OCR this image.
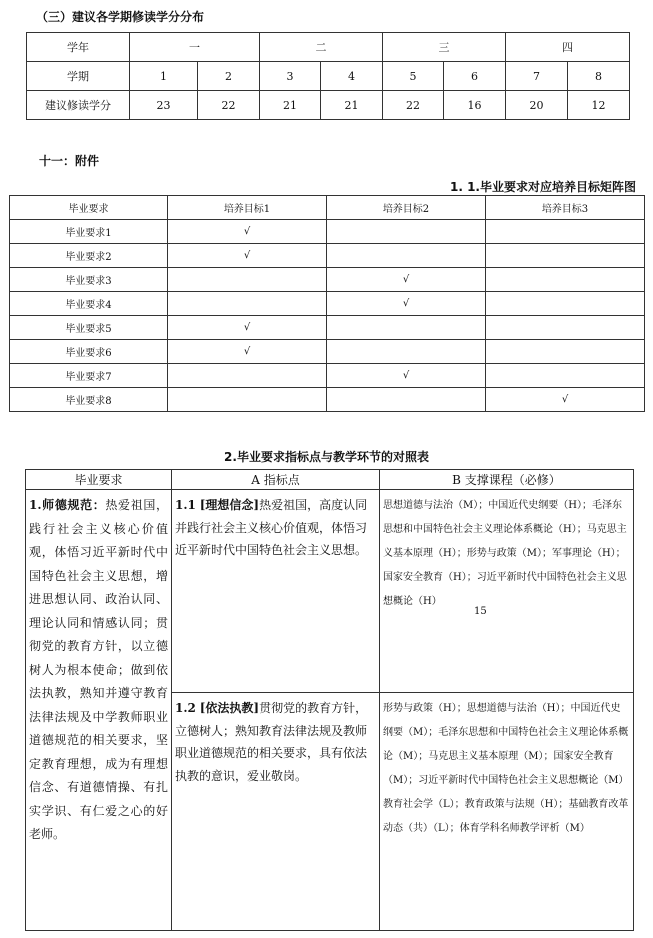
（三）建议各学期修读学分分布
学年	一		二		三		四	
学期	1	2	3	4	5	6	7	8
建议修读学分	23	22	21	21	22	16	20	12
十一：附件
1. 1.毕业要求对应培养目标矩阵图
毕业要求	培养目标1	培养目标2	培养目标3
毕业要求1	√		
毕业要求2	√		
毕业要求3		√	
毕业要求4		√	
毕业要求5	√		
毕业要求6	√		
毕业要求7		√	
毕业要求8			√
2.毕业要求指标点与教学环节的对照表
毕业要求	A 指标点	B 支撑课程（必修）
1.师德规范：热爱祖国，践行社会主义核心价值观，体悟习近平新时代中国特色社会主义思想，增进思想认同、政治认同、理论认同和情感认同；贯彻党的教育方针，以立德树人为根本使命；做到依法执教，熟知并遵守教育法律法规及中学教师职业道德规范的相关要求，坚定教育理想，成为有理想信念、有道德情操、有扎实学识、有仁爱之心的好老师。	1.1 [理想信念]热爱祖国，高度认同并践行社会主义核心价值观，体悟习近平新时代中国特色社会主义思想。	思想道德与法治（M）；中国近代史纲要（H）；毛泽东思想和中国特色社会主义理论体系概论（H）；马克思主义基本原理（H）；形势与政策（M）；军事理论（H）；国家安全教育（H）；习近平新时代中国特色社会主义思想概论（H）
	1.2 [依法执教]贯彻党的教育方针，立德树人；熟知教育法律法规及教师职业道德规范的相关要求，具有依法执教的意识，爱业敬岗。	形势与政策（H）；思想道德与法治（H）；中国近代史纲要（M）；毛泽东思想和中国特色社会主义理论体系概论（M）；马克思主义基本原理（M）；国家安全教育（M）；习近平新时代中国特色社会主义思想概论（M）教育社会学（L）；教育政策与法规（H）；基础教育改革动态（共）（L）；体育学科名师教学评析（M）
15
